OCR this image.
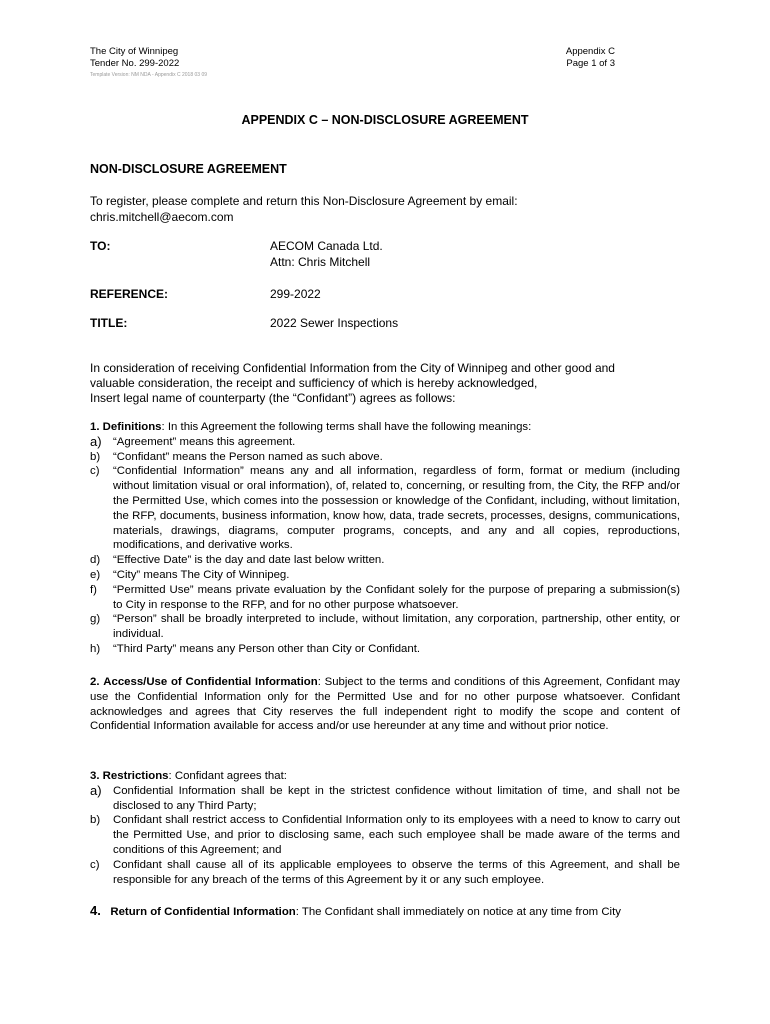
The City of Winnipeg
Tender No. 299-2022
Appendix C
Page 1 of 3
Template Version: NM NDA - Appendix C 2018 03 09
APPENDIX C – NON-DISCLOSURE AGREEMENT
NON-DISCLOSURE AGREEMENT
To register, please complete and return this Non-Disclosure Agreement by email:
chris.mitchell@aecom.com
TO:	AECOM Canada Ltd.
Attn: Chris Mitchell
REFERENCE:	299-2022
TITLE:	2022 Sewer Inspections
In consideration of receiving Confidential Information from the City of Winnipeg and other good and
valuable consideration, the receipt and sufficiency of which is hereby acknowledged,
Insert legal name of counterparty (the “Confidant”) agrees as follows:

1. Definitions: In this Agreement the following terms shall have the following meanings:

a)	“Agreement” means this agreement.
b)	“Confidant” means the Person named as such above.
c)	“Confidential Information” means any and all information, regardless of form, format or medium (including without limitation visual or oral information), of, related to, concerning, or resulting from, the City, the RFP and/or the Permitted Use, which comes into the possession or knowledge of the Confidant, including, without limitation, the RFP, documents, business information, know how, data, trade secrets, processes, designs, communications, materials, drawings, diagrams, computer programs, concepts, and any and all copies, reproductions, modifications, and derivative works.
d)	“Effective Date” is the day and date last below written.
e)	“City” means The City of Winnipeg.
f)	“Permitted Use” means private evaluation by the Confidant solely for the purpose of preparing a submission(s) to City in response to the RFP, and for no other purpose whatsoever.
g)	“Person” shall be broadly interpreted to include, without limitation, any corporation, partnership, other entity, or individual.
h)	“Third Party” means any Person other than City or Confidant.

2. Access/Use of Confidential Information: Subject to the terms and conditions of this Agreement, Confidant may use the Confidential Information only for the Permitted Use and for no other purpose whatsoever. Confidant acknowledges and agrees that City reserves the full independent right to modify the scope and content of Confidential Information available for access and/or use hereunder at any time and without prior notice.

3. Restrictions: Confidant agrees that:

a)	Confidential Information shall be kept in the strictest confidence without limitation of time, and shall not be disclosed to any Third Party;
b)	Confidant shall restrict access to Confidential Information only to its employees with a need to know to carry out the Permitted Use, and prior to disclosing same, each such employee shall be made aware of the terms and conditions of this Agreement; and
c)	Confidant shall cause all of its applicable employees to observe the terms of this Agreement, and shall be responsible for any breach of the terms of this Agreement by it or any such employee.

4. Return of Confidential Information: The Confidant shall immediately on notice at any time from City
